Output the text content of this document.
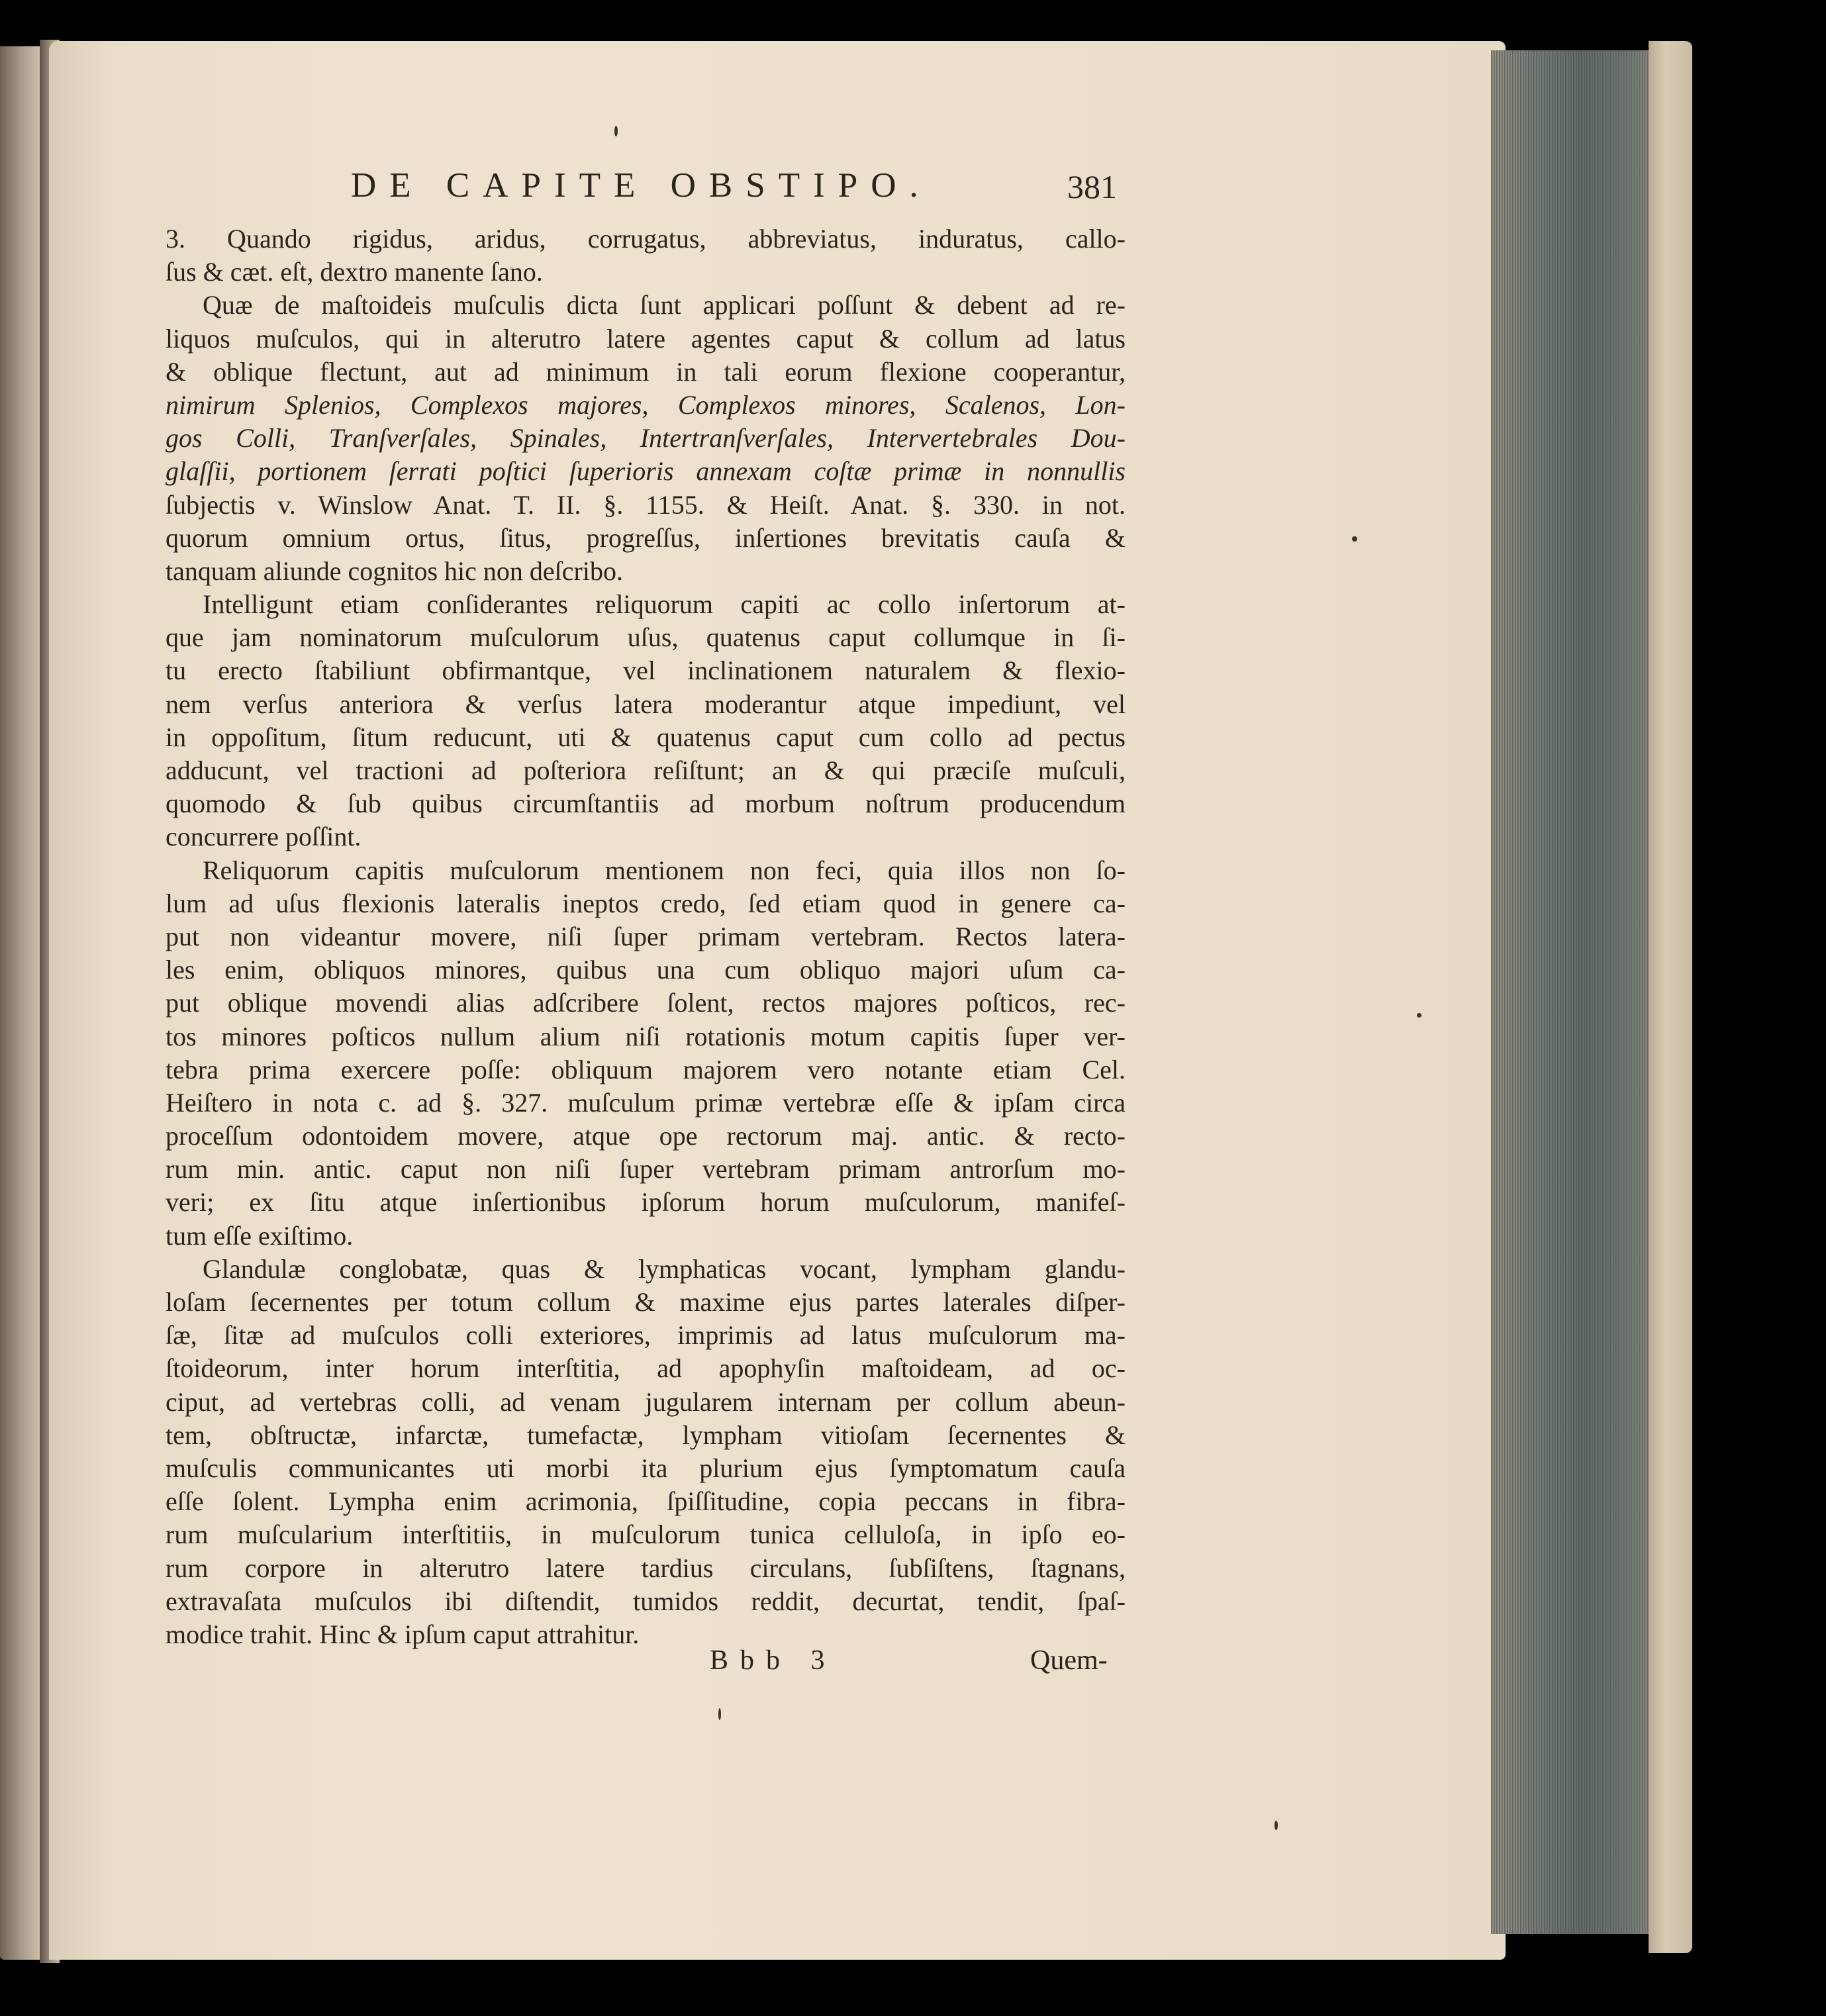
DE CAPITE OBSTIPO.	381

3. Quando rigidus, aridus, corrugatus, abbreviatus, induratus, callo-
ſus & cæt. eſt, dextro manente ſano.
Quæ de maſtoideis muſculis dicta ſunt applicari poſſunt & debent ad re-
liquos muſculos, qui in alterutro latere agentes caput & collum ad latus
& oblique flectunt, aut ad minimum in tali eorum flexione cooperantur,
nimirum Splenios, Complexos majores, Complexos minores, Scalenos, Lon-
gos Colli, Tranſverſales, Spinales, Intertranſverſales, Intervertebrales Dou-
glaſſii, portionem ſerrati poſtici ſuperioris annexam coſtæ primæ in nonnullis
ſubjectis v. Winslow Anat. T. II. §. 1155. & Heiſt. Anat. §. 330. in not.
quorum omnium ortus, ſitus, progreſſus, inſertiones brevitatis cauſa &
tanquam aliunde cognitos hic non deſcribo.
Intelligunt etiam conſiderantes reliquorum capiti ac collo inſertorum at-
que jam nominatorum muſculorum uſus, quatenus caput collumque in ſi-
tu erecto ſtabiliunt obfirmantque, vel inclinationem naturalem & flexio-
nem verſus anteriora & verſus latera moderantur atque impediunt, vel
in oppoſitum, ſitum reducunt, uti & quatenus caput cum collo ad pectus
adducunt, vel tractioni ad poſteriora reſiſtunt; an & qui præciſe muſculi,
quomodo & ſub quibus circumſtantiis ad morbum noſtrum producendum
concurrere poſſint.
Reliquorum capitis muſculorum mentionem non feci, quia illos non ſo-
lum ad uſus flexionis lateralis ineptos credo, ſed etiam quod in genere ca-
put non videantur movere, niſi ſuper primam vertebram. Rectos latera-
les enim, obliquos minores, quibus una cum obliquo majori uſum ca-
put oblique movendi alias adſcribere ſolent, rectos majores poſticos, rec-
tos minores poſticos nullum alium niſi rotationis motum capitis ſuper ver-
tebra prima exercere poſſe: obliquum majorem vero notante etiam Cel.
Heiſtero in nota c. ad §. 327. muſculum primæ vertebræ eſſe & ipſam circa
proceſſum odontoidem movere, atque ope rectorum maj. antic. & recto-
rum min. antic. caput non niſi ſuper vertebram primam antrorſum mo-
veri; ex ſitu atque inſertionibus ipſorum horum muſculorum, manifeſ-
tum eſſe exiſtimo.
Glandulæ conglobatæ, quas & lymphaticas vocant, lympham glandu-
loſam ſecernentes per totum collum & maxime ejus partes laterales diſper-
ſæ, ſitæ ad muſculos colli exteriores, imprimis ad latus muſculorum ma-
ſtoideorum, inter horum interſtitia, ad apophyſin maſtoideam, ad oc-
ciput, ad vertebras colli, ad venam jugularem internam per collum abeun-
tem, obſtructæ, infarctæ, tumefactæ, lympham vitioſam ſecernentes &
muſculis communicantes uti morbi ita plurium ejus ſymptomatum cauſa
eſſe ſolent. Lympha enim acrimonia, ſpiſſitudine, copia peccans in fibra-
rum muſcularium interſtitiis, in muſculorum tunica celluloſa, in ipſo eo-
rum corpore in alterutro latere tardius circulans, ſubſiſtens, ſtagnans,
extravaſata muſculos ibi diſtendit, tumidos reddit, decurtat, tendit, ſpaſ-
modice trahit. Hinc & ipſum caput attrahitur.

Bbb 3	Quem-
